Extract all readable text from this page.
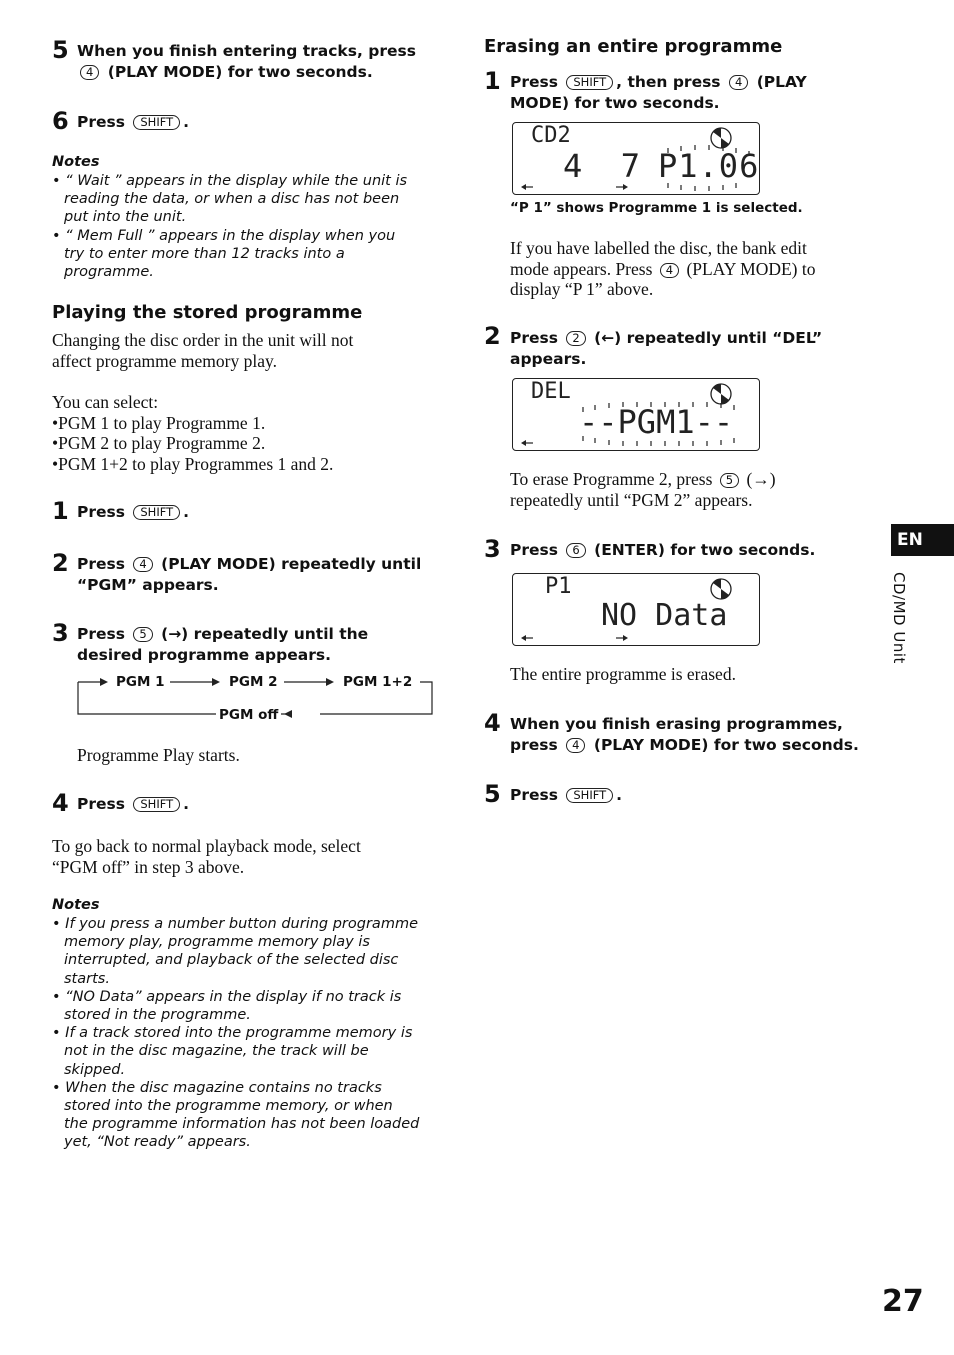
5 When you finish entering tracks, press
4 (PLAY MODE) for two seconds.
6 Press SHIFT .
Notes
• “ Wait ” appears in the display while the unit is
reading the data, or when a disc has not been
put into the unit.
• “ Mem Full ” appears in the display when you
try to enter more than 12 tracks into a
programme.
Playing the stored programme
Changing the disc order in the unit will not
affect programme memory play.
You can select:
•PGM 1 to play Programme 1.
•PGM 2 to play Programme 2.
•PGM 1+2 to play Programmes 1 and 2.
1 Press SHIFT .
2 Press 4 (PLAY MODE) repeatedly until
“PGM” appears.
3 Press 5 (→) repeatedly until the
desired programme appears.
PGM 1	PGM 2	PGM 1+2
PGM off
Programme Play starts.
4 Press SHIFT .
To go back to normal playback mode, select
“PGM off” in step 3 above.
Notes
• If you press a number button during programme
memory play, programme memory play is
interrupted, and playback of the selected disc
starts.
• “NO Data” appears in the display if no track is
stored in the programme.
• If a track stored into the programme memory is
not in the disc magazine, the track will be
skipped.
• When the disc magazine contains no tracks
stored into the programme memory, or when
the programme information has not been loaded
yet, “Not ready” appears.
Erasing an entire programme
1 Press SHIFT , then press 4 (PLAY
MODE) for two seconds.
CD2
4  7 P1.06
“P 1” shows Programme 1 is selected.
If you have labelled the disc, the bank edit
mode appears. Press 4 (PLAY MODE) to
display “P 1” above.
2 Press 2 (←) repeatedly until “DEL”
appears.
DEL
--PGM1--
To erase Programme 2, press 5 (→)
repeatedly until “PGM 2” appears.
3 Press 6 (ENTER) for two seconds.
P1
NO Data
The entire programme is erased.
4 When you finish erasing programmes,
press 4 (PLAY MODE) for two seconds.
5 Press SHIFT .
EN
CD/MD Unit
27
